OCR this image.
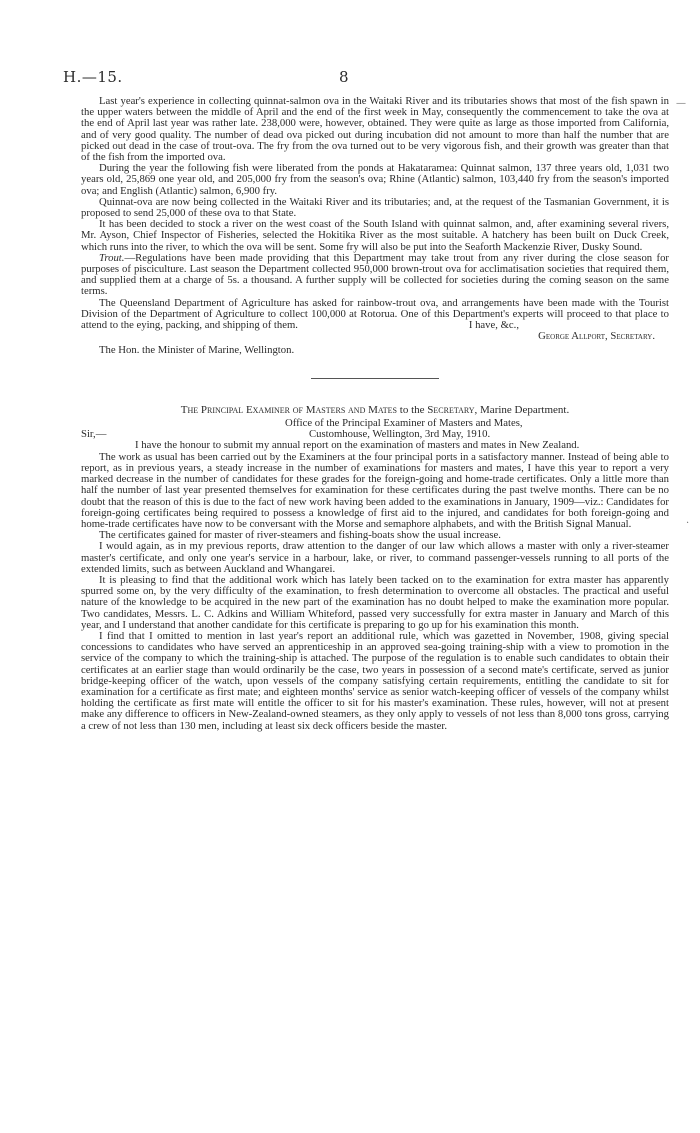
H.—15.	8
—
·

Last year's experience in collecting quinnat-salmon ova in the Waitaki River and its tributaries shows that most of the fish spawn in the upper waters between the middle of April and the end of the first week in May, consequently the commencement to take the ova at the end of April last year was rather late. 238,000 were, however, obtained. They were quite as large as those imported from California, and of very good quality. The number of dead ova picked out during incubation did not amount to more than half the number that are picked out dead in the case of trout-ova. The fry from the ova turned out to be very vigorous fish, and their growth was greater than that of the fish from the imported ova.

During the year the following fish were liberated from the ponds at Hakataramea: Quinnat salmon, 137 three years old, 1,031 two years old, 25,869 one year old, and 205,000 fry from the season's ova; Rhine (Atlantic) salmon, 103,440 fry from the season's imported ova; and English (Atlantic) salmon, 6,900 fry.

Quinnat-ova are now being collected in the Waitaki River and its tributaries; and, at the request of the Tasmanian Government, it is proposed to send 25,000 of these ova to that State.

It has been decided to stock a river on the west coast of the South Island with quinnat salmon, and, after examining several rivers, Mr. Ayson, Chief Inspector of Fisheries, selected the Hokitika River as the most suitable. A hatchery has been built on Duck Creek, which runs into the river, to which the ova will be sent. Some fry will also be put into the Seaforth Mackenzie River, Dusky Sound.

Trout.—Regulations have been made providing that this Department may take trout from any river during the close season for purposes of pisciculture. Last season the Department collected 950,000 brown-trout ova for acclimatisation societies that required them, and supplied them at a charge of 5s. a thousand. A further supply will be collected for societies during the coming season on the same terms.

The Queensland Department of Agriculture has asked for rainbow-trout ova, and arrangements have been made with the Tourist Division of the Department of Agriculture to collect 100,000 at Rotorua. One of this Department's experts will proceed to that place to attend to the eying, packing, and shipping of them.	I have, &c.,
George Allport, Secretary.

The Hon. the Minister of Marine, Wellington.

The Principal Examiner of Masters and Mates to the Secretary, Marine Department.
Office of the Principal Examiner of Masters and Mates,
Sir,—	Customhouse, Wellington, 3rd May, 1910.

I have the honour to submit my annual report on the examination of masters and mates in New Zealand.

The work as usual has been carried out by the Examiners at the four principal ports in a satisfactory manner. Instead of being able to report, as in previous years, a steady increase in the number of examinations for masters and mates, I have this year to report a very marked decrease in the number of candidates for these grades for the foreign-going and home-trade certificates. Only a little more than half the number of last year presented themselves for examination for these certificates during the past twelve months. There can be no doubt that the reason of this is due to the fact of new work having been added to the examinations in January, 1909—viz.: Candidates for foreign-going certificates being required to possess a knowledge of first aid to the injured, and candidates for both foreign-going and home-trade certificates have now to be conversant with the Morse and semaphore alphabets, and with the British Signal Manual.

The certificates gained for master of river-steamers and fishing-boats show the usual increase.

I would again, as in my previous reports, draw attention to the danger of our law which allows a master with only a river-steamer master's certificate, and only one year's service in a harbour, lake, or river, to command passenger-vessels running to all ports of the extended limits, such as between Auckland and Whangarei.

It is pleasing to find that the additional work which has lately been tacked on to the examination for extra master has apparently spurred some on, by the very difficulty of the examination, to fresh determination to overcome all obstacles. The practical and useful nature of the knowledge to be acquired in the new part of the examination has no doubt helped to make the examination more popular. Two candidates, Messrs. L. C. Adkins and William Whiteford, passed very successfully for extra master in January and March of this year, and I understand that another candidate for this certificate is preparing to go up for his examination this month.

I find that I omitted to mention in last year's report an additional rule, which was gazetted in November, 1908, giving special concessions to candidates who have served an apprenticeship in an approved sea-going training-ship with a view to promotion in the service of the company to which the training-ship is attached. The purpose of the regulation is to enable such candidates to obtain their certificates at an earlier stage than would ordinarily be the case, two years in possession of a second mate's certificate, served as junior bridge-keeping officer of the watch, upon vessels of the company satisfying certain requirements, entitling the candidate to sit for examination for a certificate as first mate; and eighteen months' service as senior watch-keeping officer of vessels of the company whilst holding the certificate as first mate will entitle the officer to sit for his master's examination. These rules, however, will not at present make any difference to officers in New-Zealand-owned steamers, as they only apply to vessels of not less than 8,000 tons gross, carrying a crew of not less than 130 men, including at least six deck officers beside the master.
